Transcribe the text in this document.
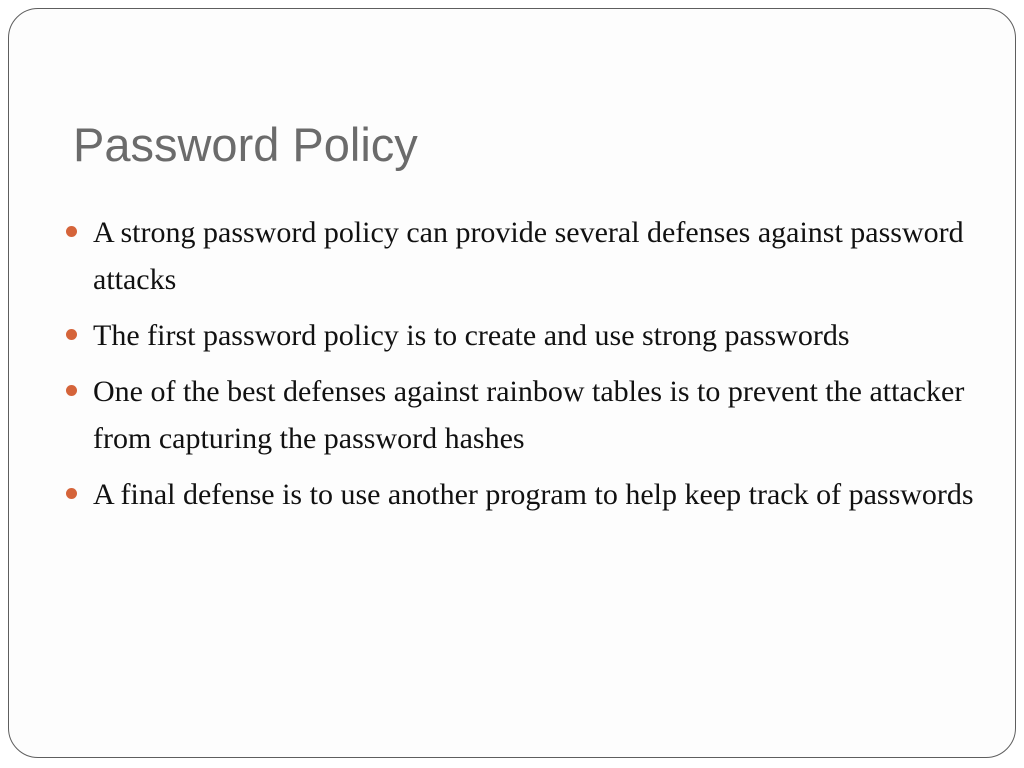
Password Policy
A strong password policy can provide several defenses against password attacks
The first password policy is to create and use strong passwords
One of the best defenses against rainbow tables is to prevent the attacker from capturing the password hashes
A final defense is to use another program to help keep track of passwords
